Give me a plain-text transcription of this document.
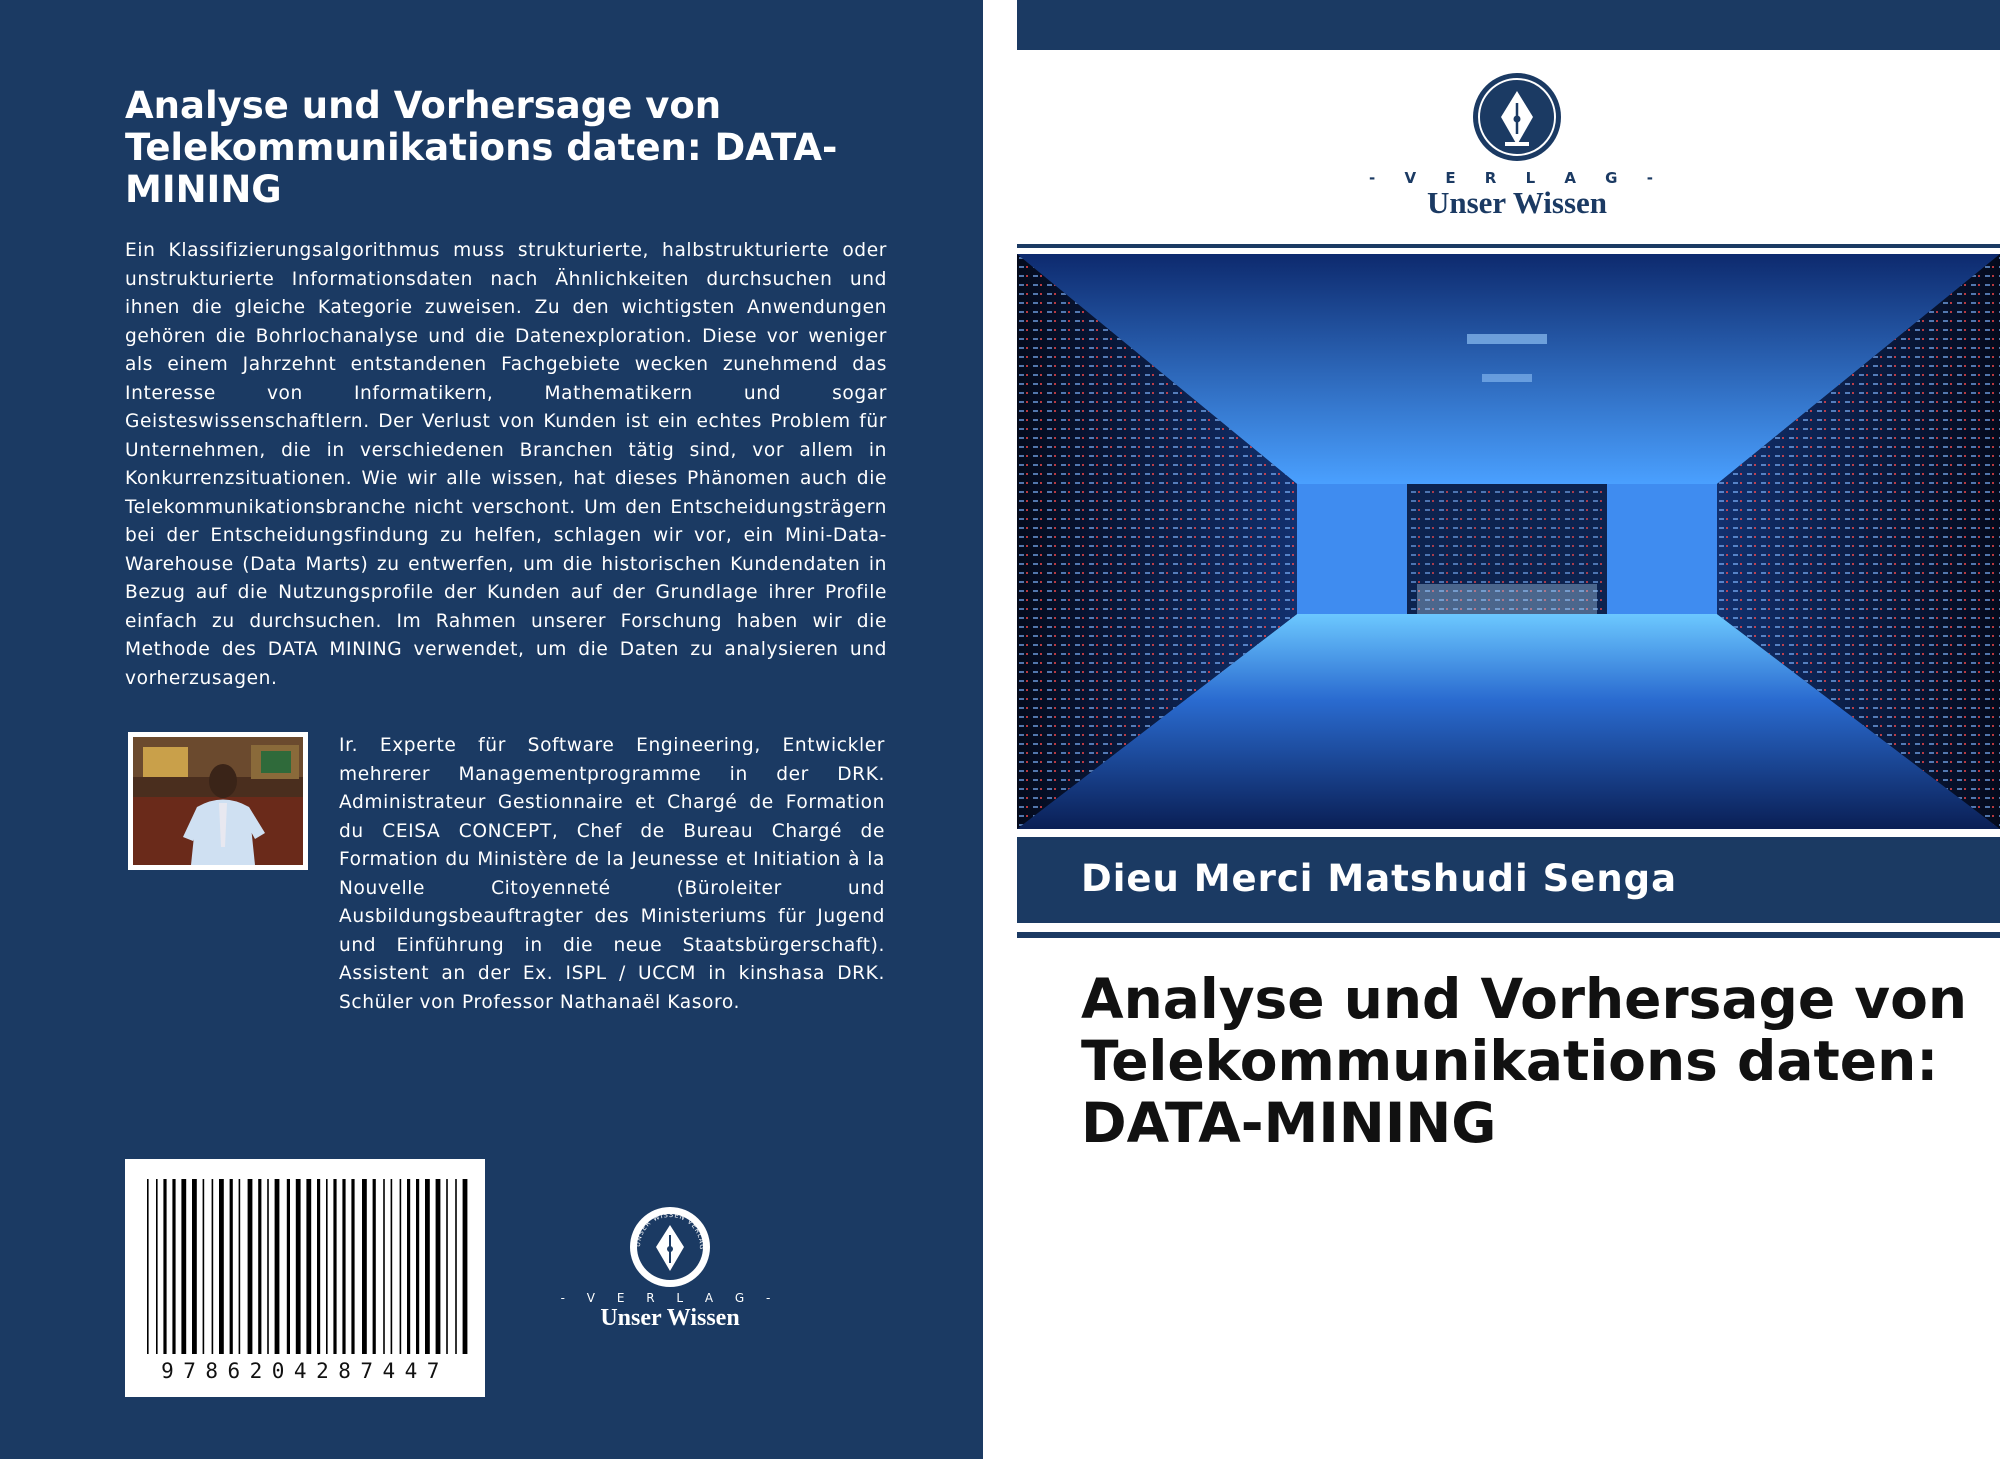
Analyse und Vorhersage von Telekommunikations daten: DATA-MINING

Ein Klassifizierungsalgorithmus muss strukturierte, halbstrukturierte oder unstrukturierte Informationsdaten nach Ähnlichkeiten durchsuchen und ihnen die gleiche Kategorie zuweisen. Zu den wichtigsten Anwendungen gehören die Bohrlochanalyse und die Datenexploration. Diese vor weniger als einem Jahrzehnt entstandenen Fachgebiete wecken zunehmend das Interesse von Informatikern, Mathematikern und sogar Geisteswissenschaftlern. Der Verlust von Kunden ist ein echtes Problem für Unternehmen, die in verschiedenen Branchen tätig sind, vor allem in Konkurrenzsituationen. Wie wir alle wissen, hat dieses Phänomen auch die Telekommunikationsbranche nicht verschont. Um den Entscheidungsträgern bei der Entscheidungsfindung zu helfen, schlagen wir vor, ein Mini-Data-Warehouse (Data Marts) zu entwerfen, um die historischen Kundendaten in Bezug auf die Nutzungsprofile der Kunden auf der Grundlage ihrer Profile einfach zu durchsuchen. Im Rahmen unserer Forschung haben wir die Methode des DATA MINING verwendet, um die Daten zu analysieren und vorherzusagen.

Ir. Experte für Software Engineering, Entwickler mehrerer Managementprogramme in der DRK. Administrateur Gestionnaire et Chargé de Formation du CEISA CONCEPT, Chef de Bureau Chargé de Formation du Ministère de la Jeunesse et Initiation à la Nouvelle Citoyenneté (Büroleiter und Ausbildungsbeauftragter des Ministeriums für Jugend und Einführung in die neue Staatsbürgerschaft). Assistent an der Ex. ISPL / UCCM in kinshasa DRK. Schüler von Professor Nathanaël Kasoro.

9786204287447
UNSER WISSEN VERLAG
- V E R L A G -
Unser Wissen
- V E R L A G -
Unser Wissen
Dieu Merci Matshudi Senga
Analyse und Vorhersage von Telekommunikations daten: DATA-MINING
